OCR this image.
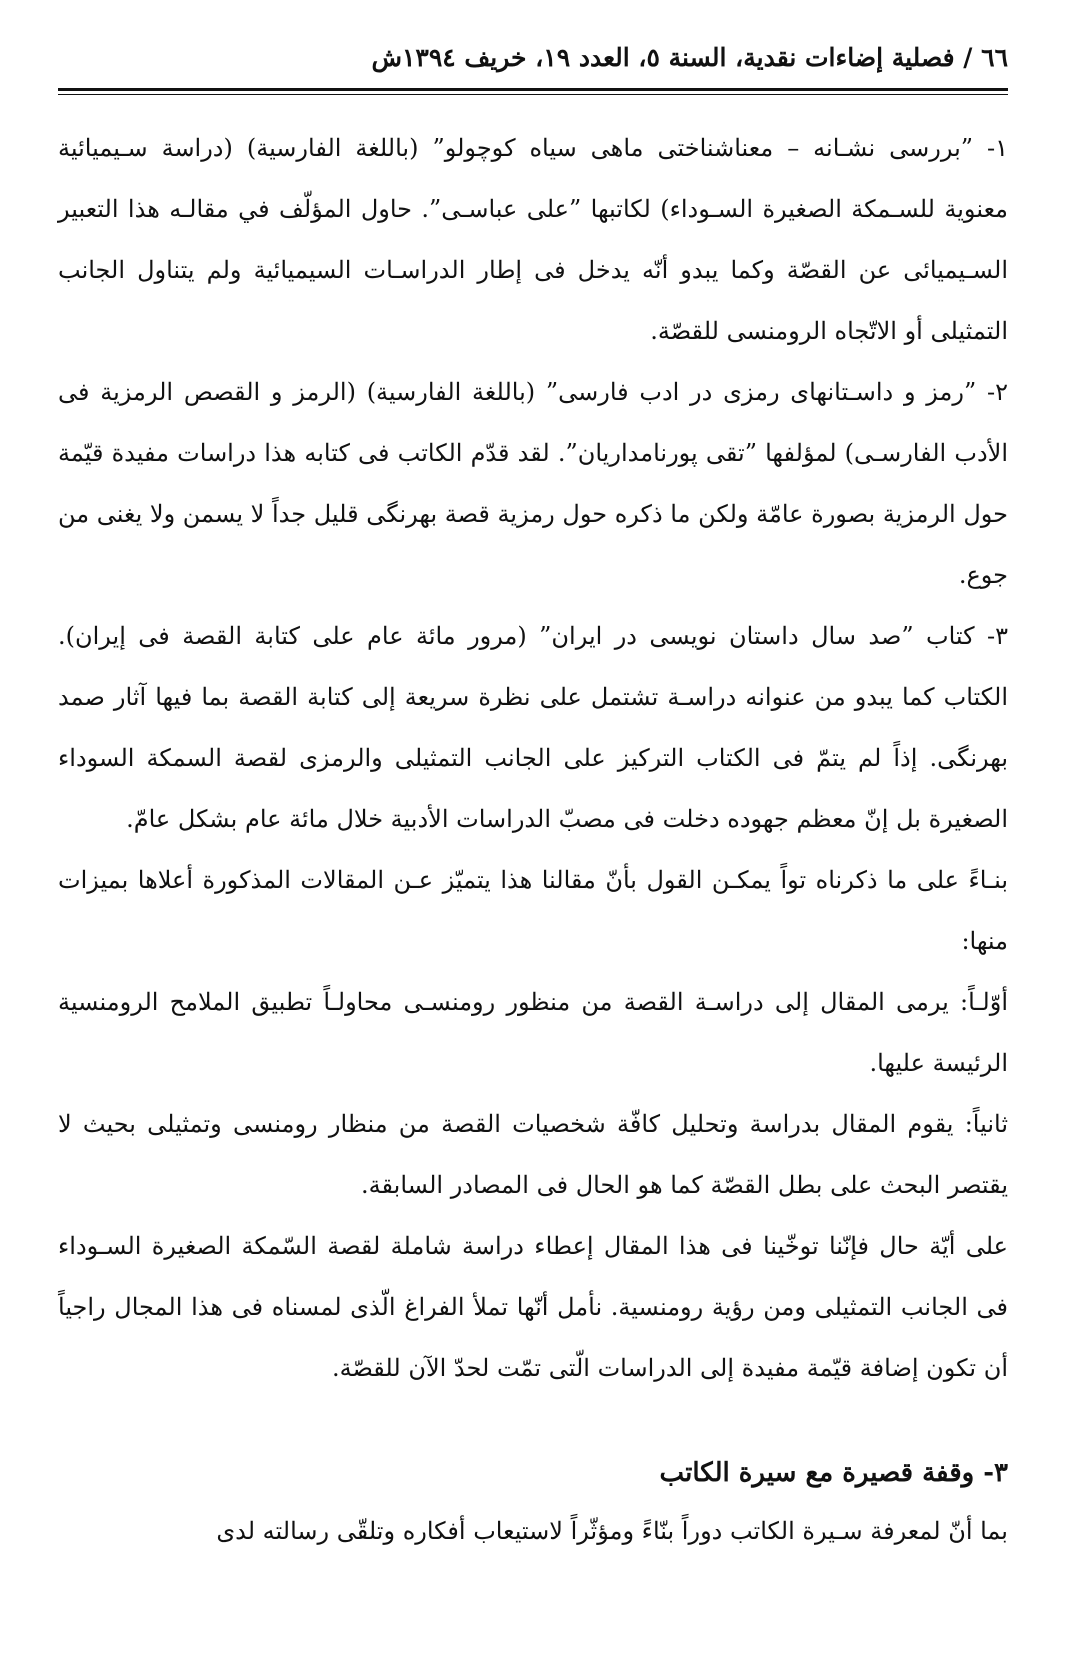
٦٦ / فصلية إضاءات نقدية، السنة ٥، العدد ١٩، خريف ١٣٩٤ش

١- ”بررسی نشـانه – معناشناختی ماهی سیاه کوچولو” (باللغة الفارسية) (دراسة سـيميائية معنوية للسـمكة الصغيرة السـوداء) لكاتبها ”علی عباسـی”. حاول المؤلّف في مقالـه هذا التعبير السـيميائی عن القصّة وكما يبدو أنّه يدخل فی إطار الدراسـات السيميائية ولم يتناول الجانب التمثيلی أو الاتّجاه الرومنسی للقصّة.

٢- ”رمز و داسـتانهای رمزی در ادب فارسی” (باللغة الفارسية) (الرمز و القصص الرمزية فی الأدب الفارسـی) لمؤلفها ”تقی پورنامداریان”. لقد قدّم الكاتب فی كتابه هذا دراسات مفيدة قيّمة حول الرمزية بصورة عامّة ولكن ما ذكره حول رمزية قصة بهرنگی قليل جداً لا يسمن ولا يغنی من جوع.

٣- كتاب ”صد سال داستان نويسی در ايران” (مرور مائة عام علی كتابة القصة فی إيران). الكتاب كما يبدو من عنوانه دراسـة تشتمل علی نظرة سريعة إلی كتابة القصة بما فيها آثار صمد بهرنگی. إذاً لم يتمّ فی الكتاب التركيز علی الجانب التمثيلی والرمزی لقصة السمكة السوداء الصغيرة بل إنّ معظم جهوده دخلت فی مصبّ الدراسات الأدبية خلال مائة عام بشكل عامّ.

بنـاءً علی ما ذكرناه تواً يمكـن القول بأنّ مقالنا هذا يتميّز عـن المقالات المذكورة أعلاها بميزات منها:

أوّلـاً: يرمی المقال إلی دراسـة القصة من منظور رومنسـی محاولـاً تطبيق الملامح الرومنسية الرئيسة عليها.

ثانياً: يقوم المقال بدراسة وتحليل كافّة شخصيات القصة من منظار رومنسی وتمثيلی بحيث لا يقتصر البحث علی بطل القصّة كما هو الحال فی المصادر السابقة.

علی أيّة حال فإنّنا توخّينا فی هذا المقال إعطاء دراسة شاملة لقصة السّمكة الصغيرة السـوداء فی الجانب التمثيلی ومن رؤية رومنسية. نأمل أنّها تملأ الفراغ الّذی لمسناه فی هذا المجال راجياً أن تكون إضافة قيّمة مفيدة إلی الدراسات الّتی تمّت لحدّ الآن للقصّة.

٣- وقفة قصيرة مع سيرة الكاتب

بما أنّ لمعرفة سـيرة الكاتب دوراً بنّاءً ومؤثّراً لاستيعاب أفكاره وتلقّی رسالته لدی
